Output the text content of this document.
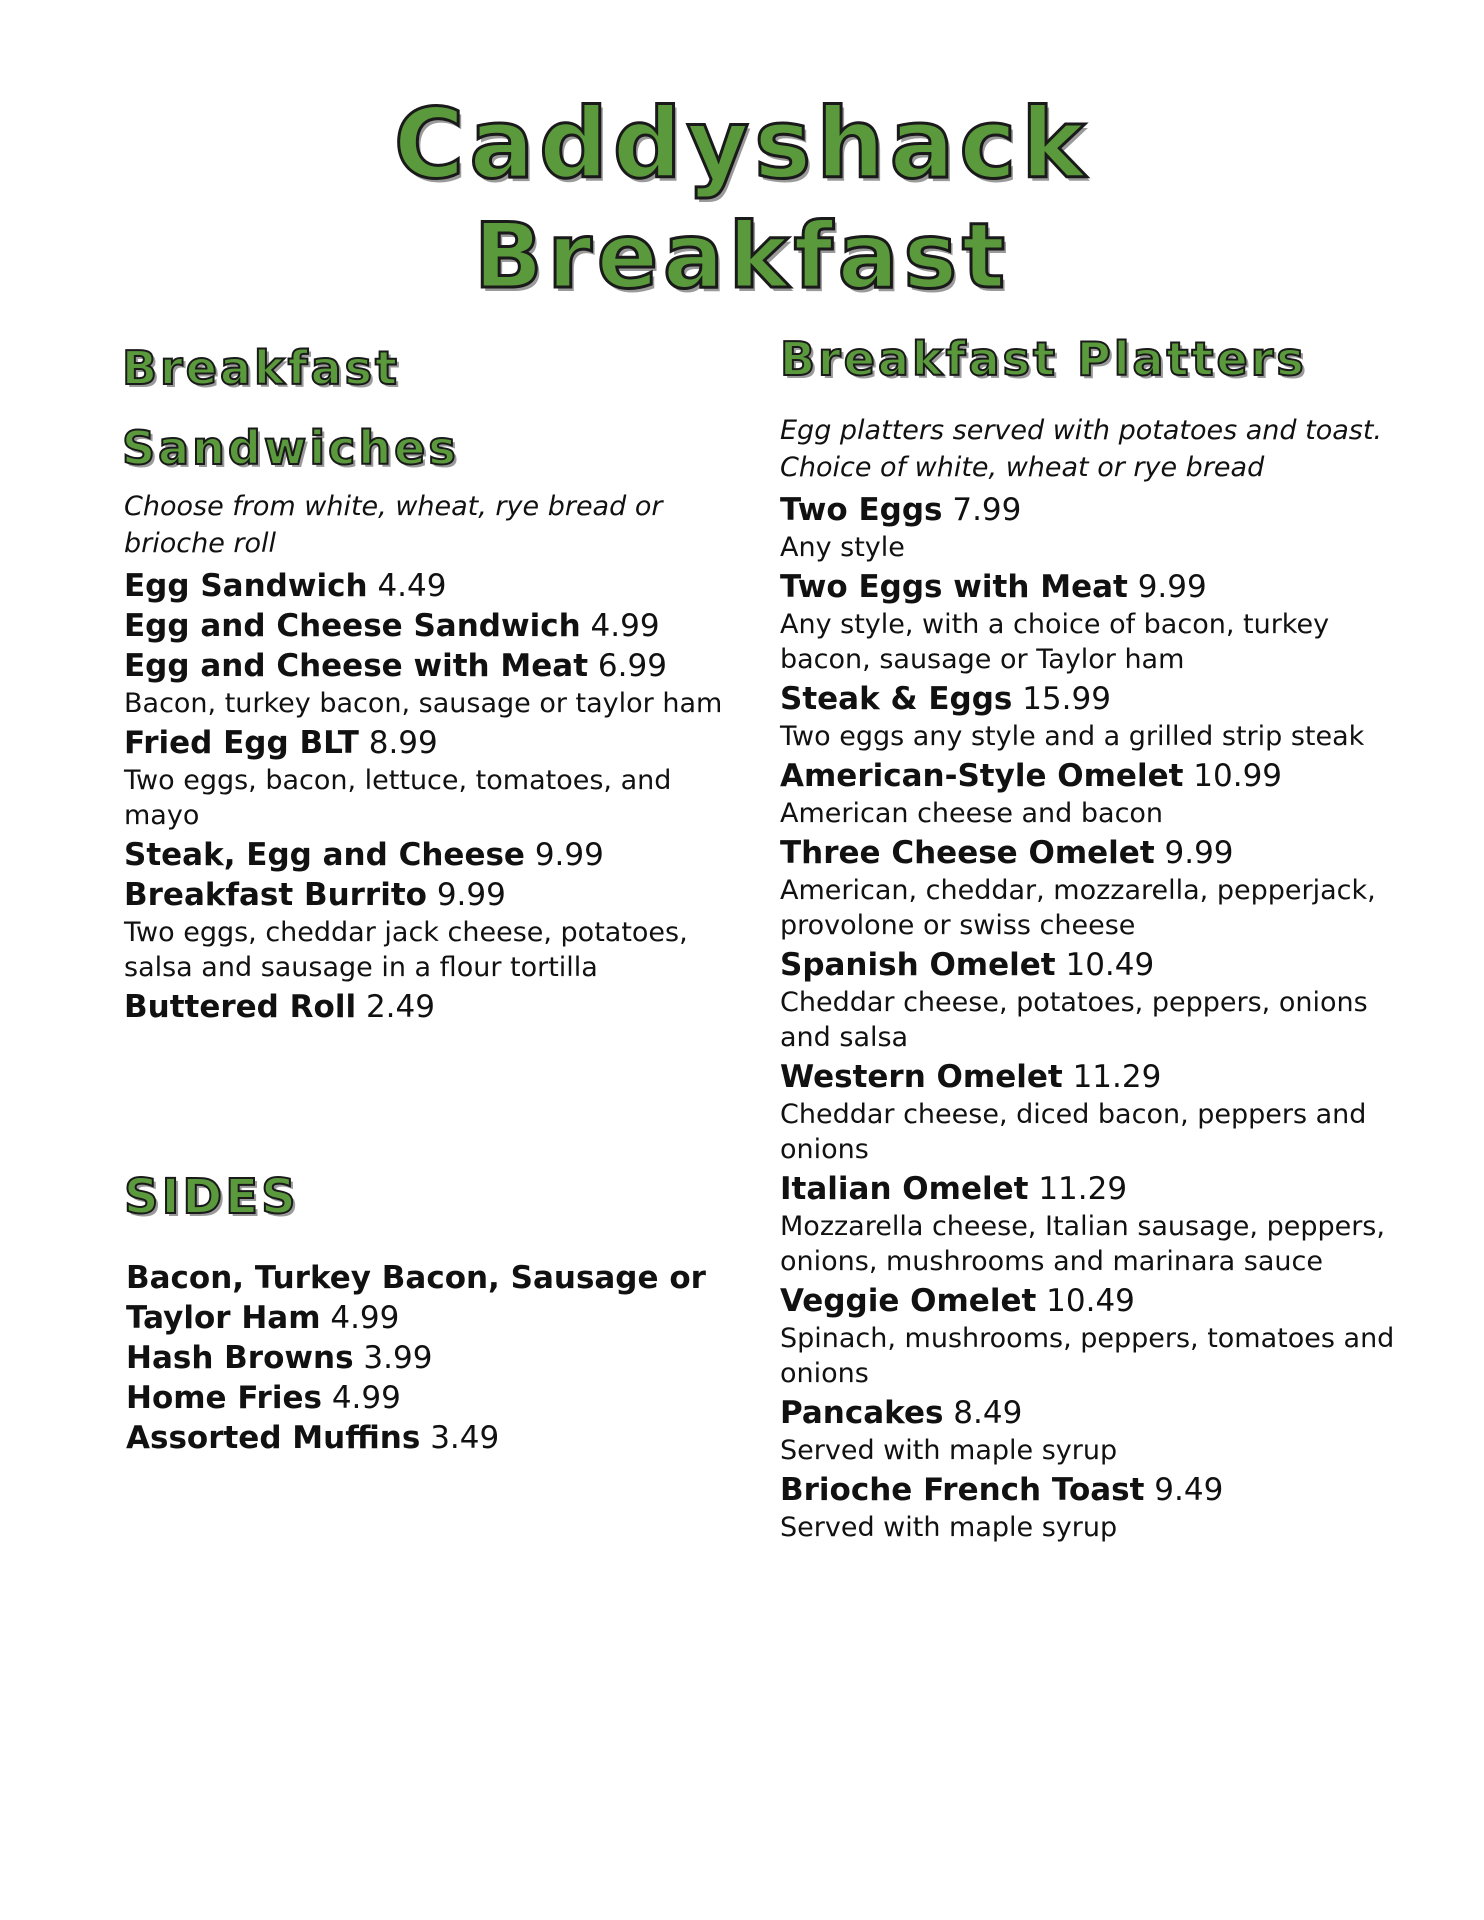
Caddyshack
Breakfast
Breakfast Sandwiches

Choose from white, wheat, rye bread or brioche roll

Egg Sandwich 4.49

Egg and Cheese Sandwich 4.99

Egg and Cheese with Meat 6.99

Bacon, turkey bacon, sausage or taylor ham

Fried Egg BLT 8.99

Two eggs, bacon, lettuce, tomatoes, and mayo

Steak, Egg and Cheese 9.99

Breakfast Burrito 9.99

Two eggs, cheddar jack cheese, potatoes, salsa and sausage in a flour tortilla

Buttered Roll 2.49

SIDES

Bacon, Turkey Bacon, Sausage or Taylor Ham 4.99

Hash Browns 3.99

Home Fries 4.99

Assorted Muffins 3.49

Breakfast Platters

Egg platters served with potatoes and toast. Choice of white, wheat or rye bread

Two Eggs 7.99

Any style

Two Eggs with Meat 9.99

Any style, with a choice of bacon, turkey bacon, sausage or Taylor ham

Steak & Eggs 15.99

Two eggs any style and a grilled strip steak

American-Style Omelet 10.99

American cheese and bacon

Three Cheese Omelet 9.99

American, cheddar, mozzarella, pepperjack, provolone or swiss cheese

Spanish Omelet 10.49

Cheddar cheese, potatoes, peppers, onions and salsa

Western Omelet 11.29

Cheddar cheese, diced bacon, peppers and onions

Italian Omelet 11.29

Mozzarella cheese, Italian sausage, peppers, onions, mushrooms and marinara sauce

Veggie Omelet 10.49

Spinach, mushrooms, peppers, tomatoes and onions

Pancakes 8.49

Served with maple syrup

Brioche French Toast 9.49

Served with maple syrup
